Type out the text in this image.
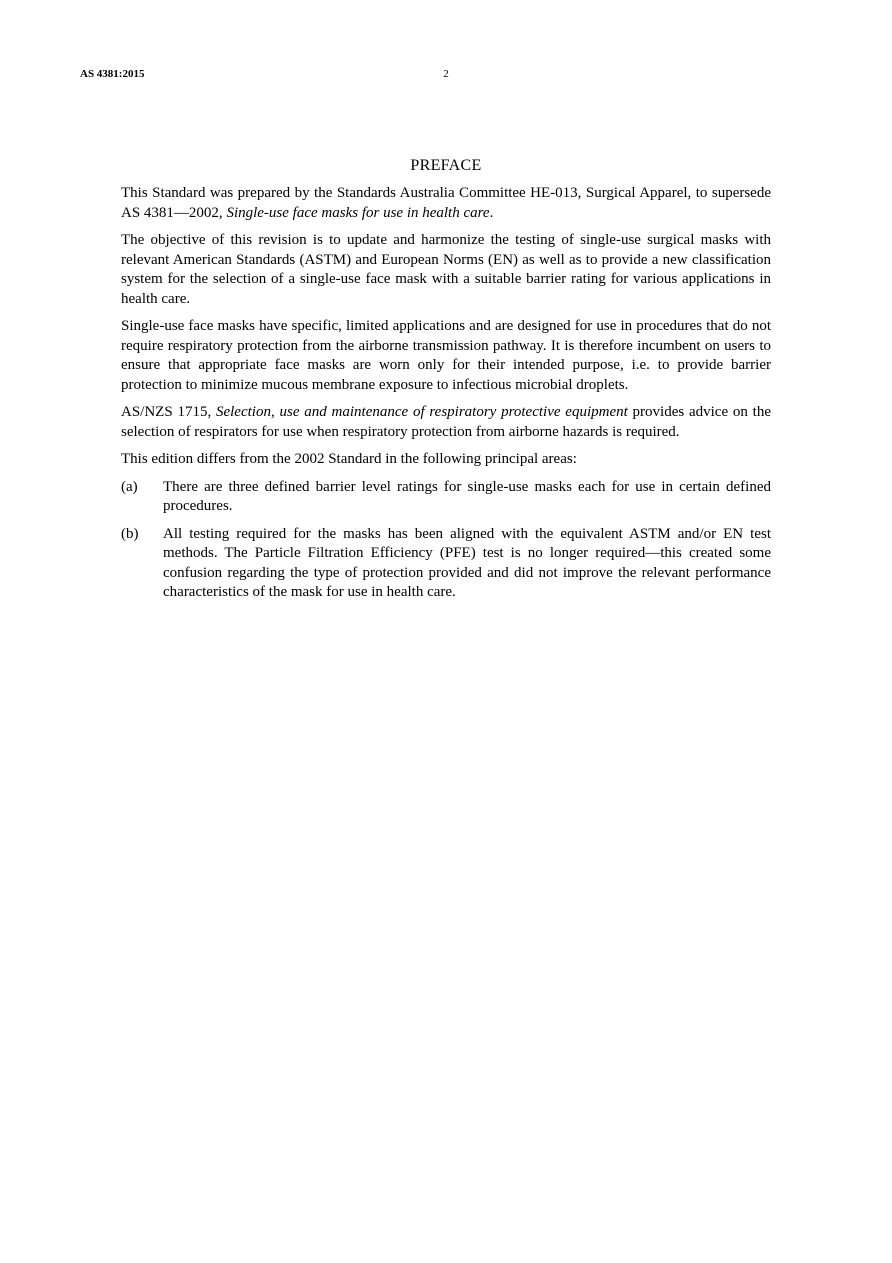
AS 4381:2015	2
PREFACE

This Standard was prepared by the Standards Australia Committee HE-013, Surgical Apparel, to supersede AS 4381—2002, Single-use face masks for use in health care.

The objective of this revision is to update and harmonize the testing of single-use surgical masks with relevant American Standards (ASTM) and European Norms (EN) as well as to provide a new classification system for the selection of a single-use face mask with a suitable barrier rating for various applications in health care.

Single-use face masks have specific, limited applications and are designed for use in procedures that do not require respiratory protection from the airborne transmission pathway. It is therefore incumbent on users to ensure that appropriate face masks are worn only for their intended purpose, i.e. to provide barrier protection to minimize mucous membrane exposure to infectious microbial droplets.

AS/NZS 1715, Selection, use and maintenance of respiratory protective equipment provides advice on the selection of respirators for use when respiratory protection from airborne hazards is required.

This edition differs from the 2002 Standard in the following principal areas:

(a)	There are three defined barrier level ratings for single-use masks each for use in certain defined procedures.
(b)	All testing required for the masks has been aligned with the equivalent ASTM and/or EN test methods. The Particle Filtration Efficiency (PFE) test is no longer required—this created some confusion regarding the type of protection provided and did not improve the relevant performance characteristics of the mask for use in health care.
